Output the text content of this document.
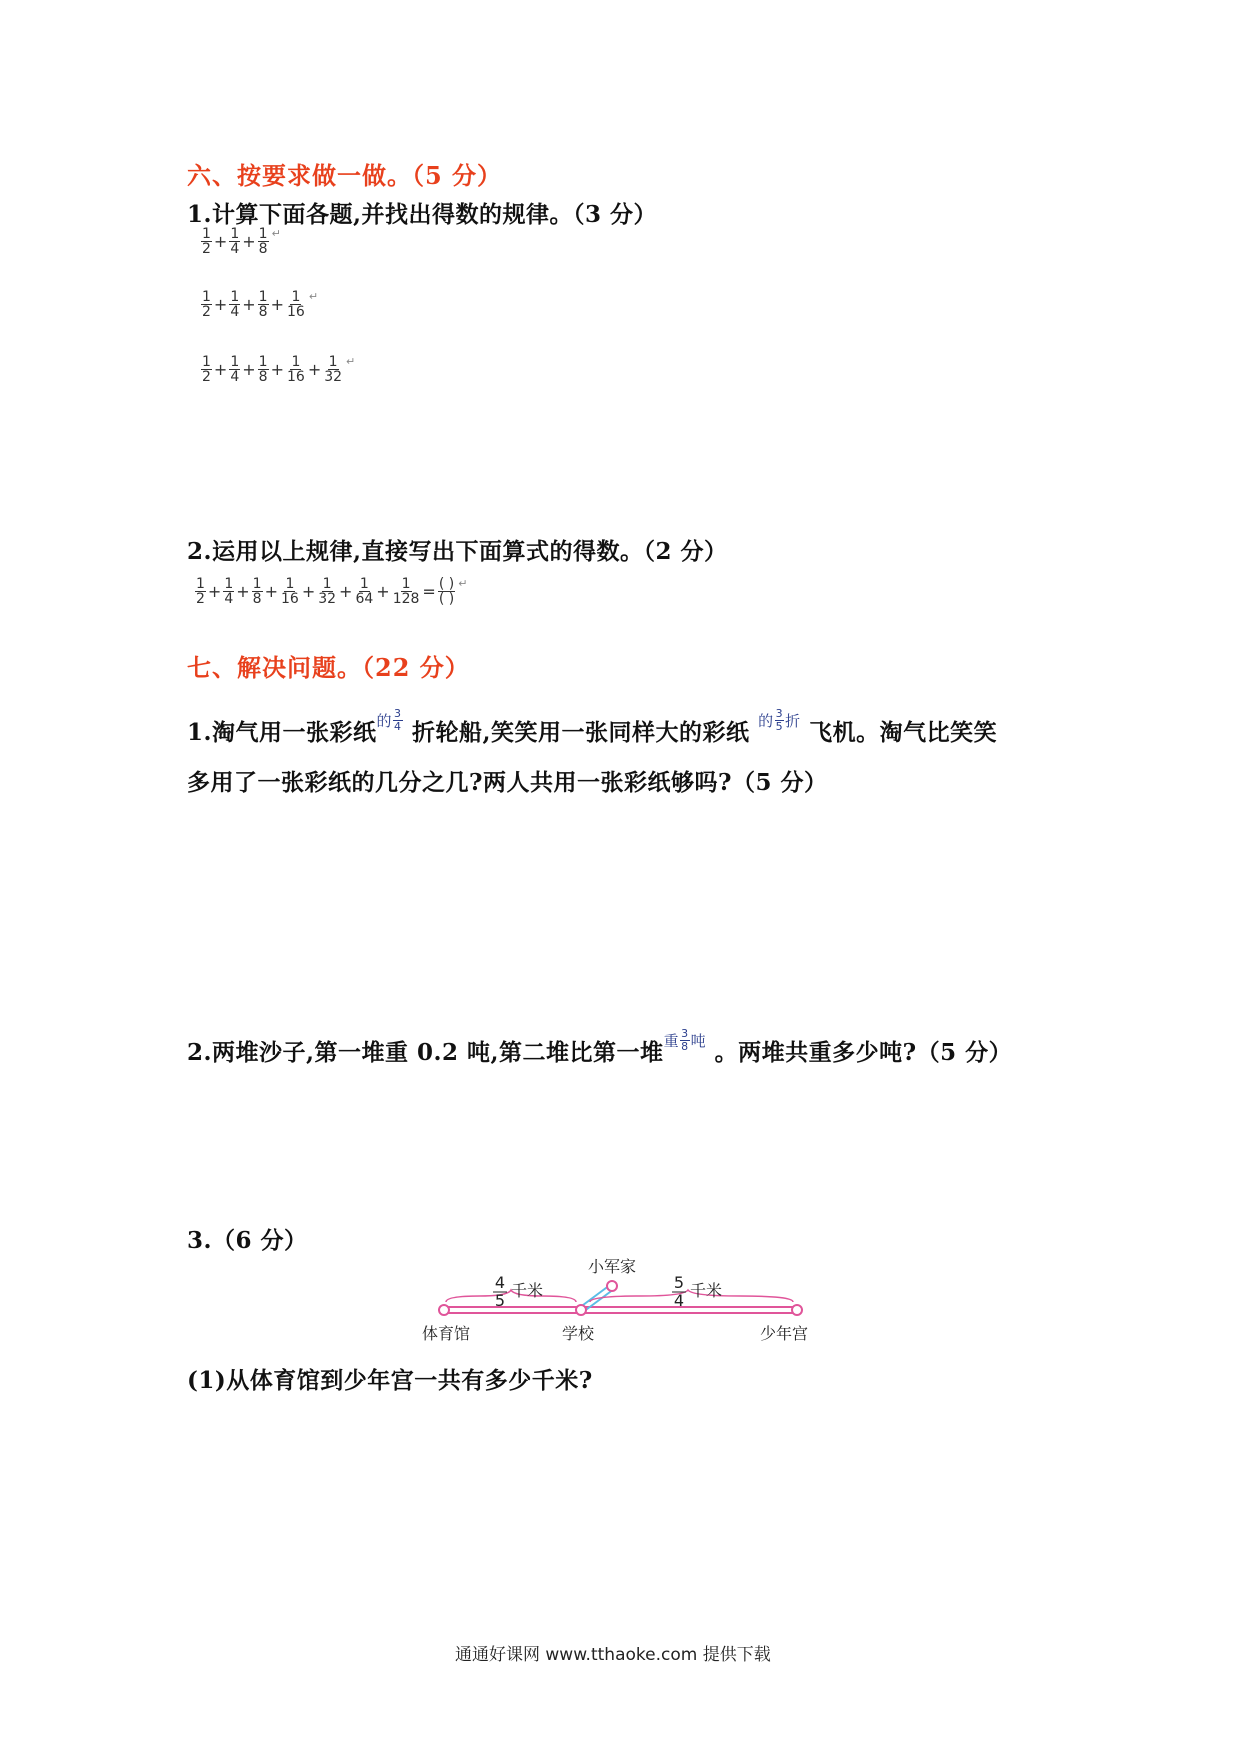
六、按要求做一做。（5 分）
1.计算下面各题,并找出得数的规律。（3 分）
$\frac{1}{2} + \frac{1}{4} + \frac{1}{8}$ ↵
$\frac{1}{2} + \frac{1}{4} + \frac{1}{8} + \frac{1}{16}$ ↵
$\frac{1}{2} + \frac{1}{4} + \frac{1}{8} + \frac{1}{16} + \frac{1}{32}$ ↵
2.运用以上规律,直接写出下面算式的得数。（2 分）
$\frac{1}{2} + \frac{1}{4} + \frac{1}{8} + \frac{1}{16} + \frac{1}{32} + \frac{1}{64} + \frac{1}{128} = \frac{( )}{( )}$ ↵
七、解决问题。（22 分）
1.淘气用一张彩纸 的 $\frac{3}{4}$ 折轮船,笑笑用一张同样大的彩纸 的 $\frac{3}{5}$ 折 飞机。淘气比笑笑
多用了一张彩纸的几分之几?两人共用一张彩纸够吗?（5 分）
2.两堆沙子,第一堆重 0.2 吨,第二堆比第一堆 重 $\frac{3}{8}$ 吨 。两堆共重多少吨?（5 分）
3.（6 分）
4
5
千米	5
4
千米
体育馆	学校	少年宫
小军家
(1)从体育馆到少年宫一共有多少千米?
通通好课网 www.tthaoke.com 提供下载
